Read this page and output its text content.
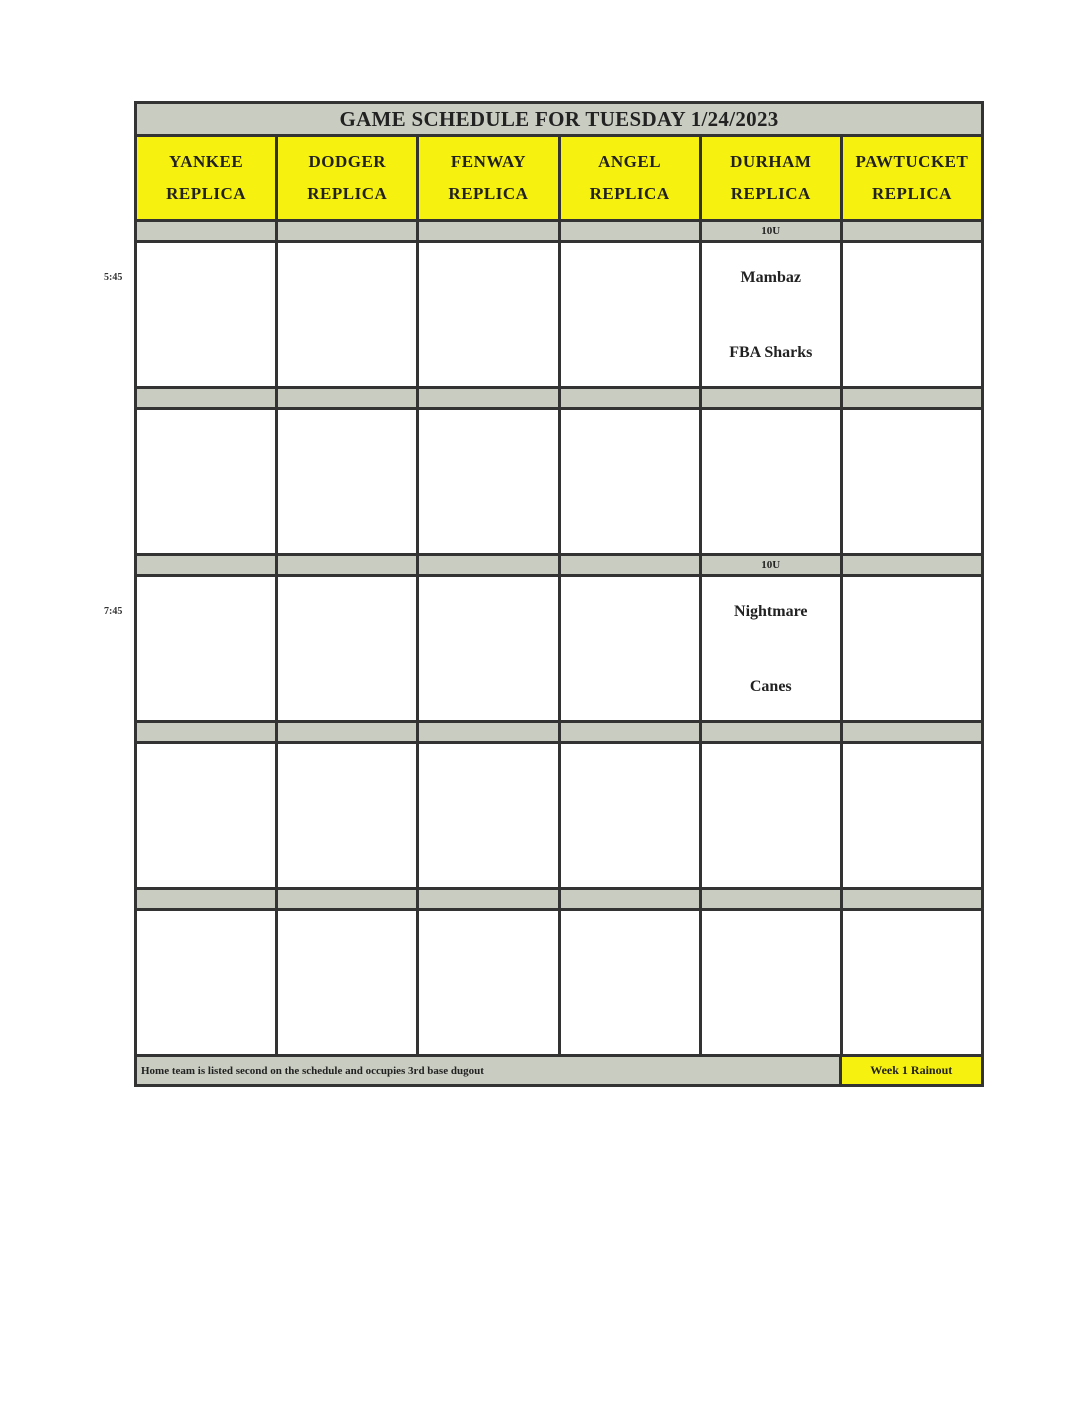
5:45
7:45
GAME SCHEDULE FOR TUESDAY 1/24/2023
YANKEE
REPLICA
DODGER
REPLICA
FENWAY
REPLICA
ANGEL
REPLICA
DURHAM
REPLICA
PAWTUCKET
REPLICA
10U
Mambaz
FBA Sharks
10U
Nightmare
Canes
Home team is listed second on the schedule and occupies 3rd base dugout	Week 1 Rainout
